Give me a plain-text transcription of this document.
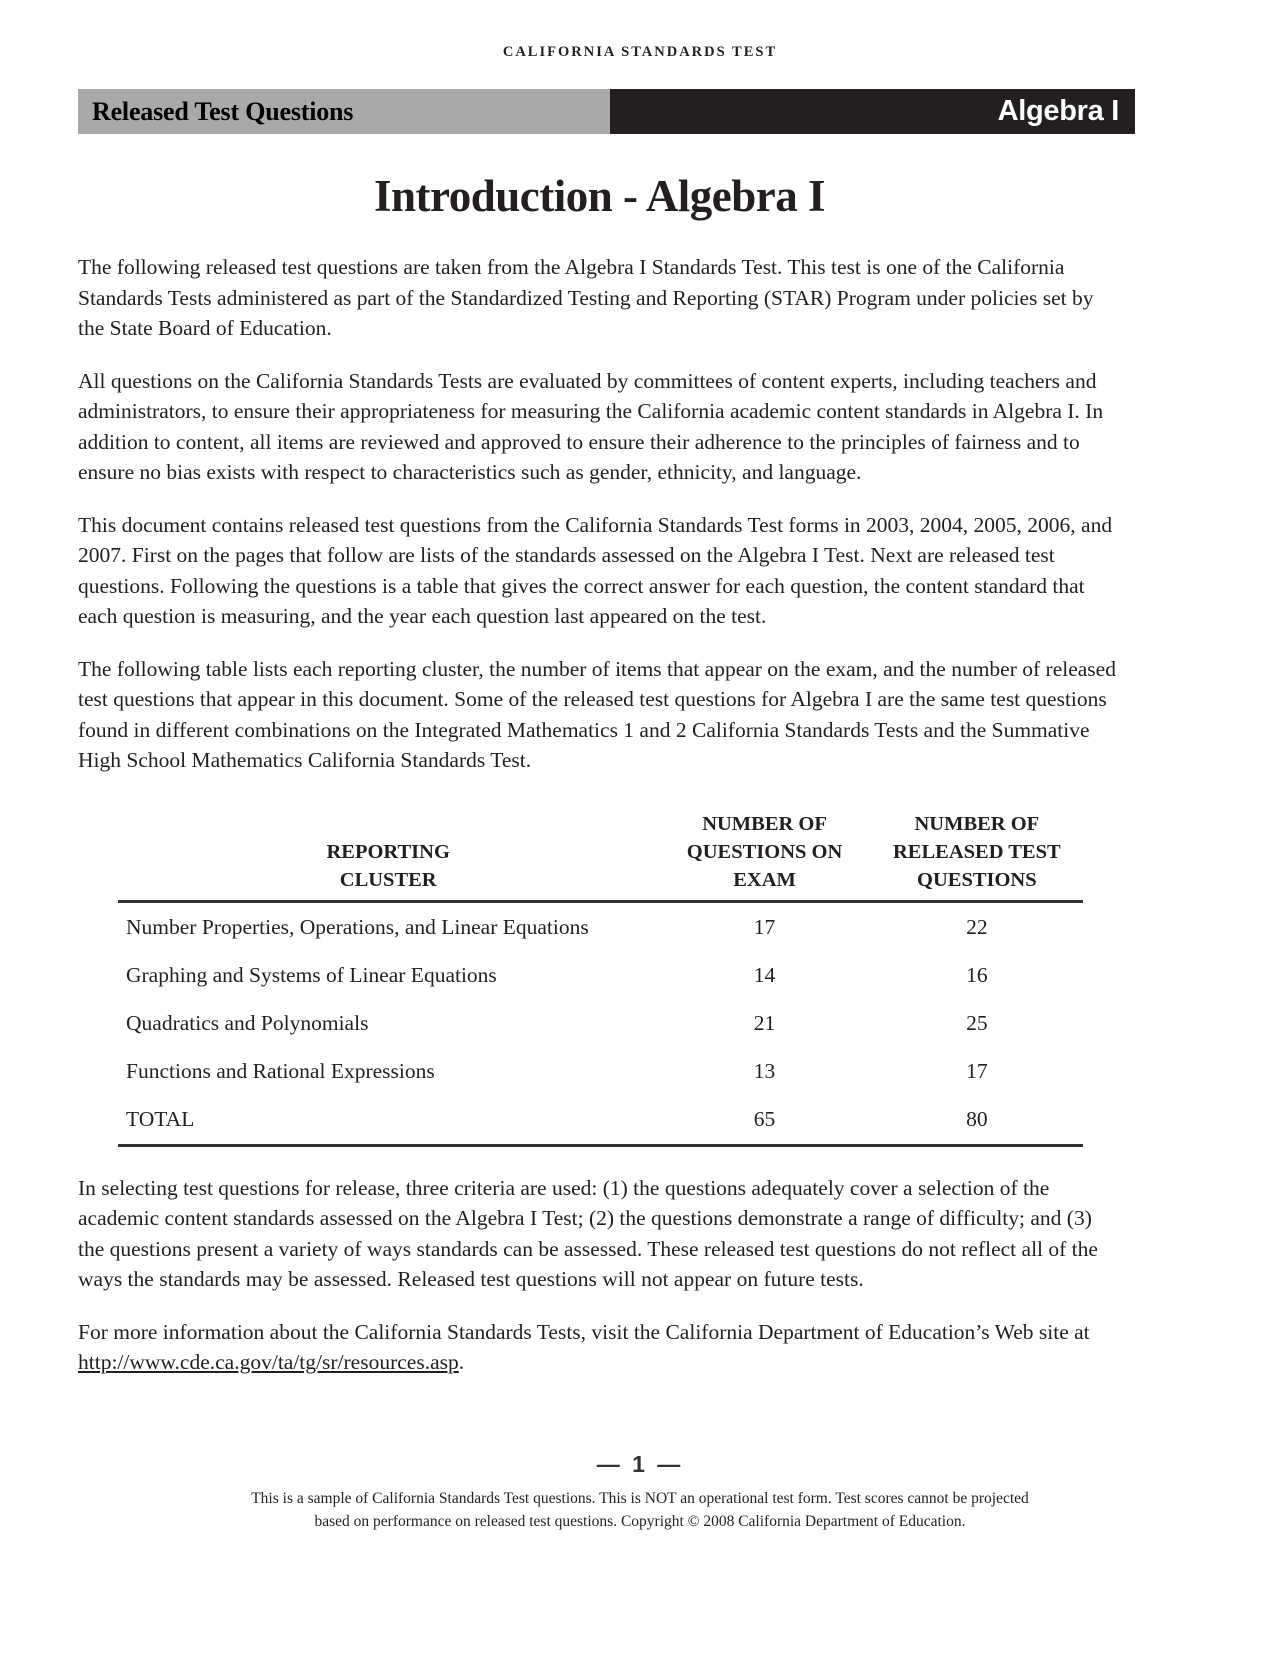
CALIFORNIA STANDARDS TEST
Released Test Questions	Algebra I
Introduction - Algebra I

The following released test questions are taken from the Algebra I Standards Test. This test is one of the California Standards Tests administered as part of the Standardized Testing and Reporting (STAR) Program under policies set by the State Board of Education.

All questions on the California Standards Tests are evaluated by committees of content experts, including teachers and administrators, to ensure their appropriateness for measuring the California academic content standards in Algebra I. In addition to content, all items are reviewed and approved to ensure their adherence to the principles of fairness and to ensure no bias exists with respect to characteristics such as gender, ethnicity, and language.

This document contains released test questions from the California Standards Test forms in 2003, 2004, 2005, 2006, and 2007. First on the pages that follow are lists of the standards assessed on the Algebra I Test. Next are released test questions. Following the questions is a table that gives the correct answer for each question, the content standard that each question is measuring, and the year each question last appeared on the test.

The following table lists each reporting cluster, the number of items that appear on the exam, and the number of released test questions that appear in this document. Some of the released test questions for Algebra I are the same test questions found in different combinations on the Integrated Mathematics 1 and 2 California Standards Tests and the Summative High School Mathematics California Standards Test.

REPORTING
CLUSTER

NUMBER OF
QUESTIONS ON
EXAM

NUMBER OF
RELEASED TEST
QUESTIONS

Number Properties, Operations, and Linear Equations	17	22
Graphing and Systems of Linear Equations	14	16
Quadratics and Polynomials	21	25
Functions and Rational Expressions	13	17
TOTAL	65	80

In selecting test questions for release, three criteria are used: (1) the questions adequately cover a selection of the academic content standards assessed on the Algebra I Test; (2) the questions demonstrate a range of difficulty; and (3) the questions present a variety of ways standards can be assessed. These released test questions do not reflect all of the ways the standards may be assessed. Released test questions will not appear on future tests.

For more information about the California Standards Tests, visit the California Department of Education’s Web site at http://www.cde.ca.gov/ta/tg/sr/resources.asp.

— 1 —
This is a sample of California Standards Test questions. This is NOT an operational test form. Test scores cannot be projected
based on performance on released test questions. Copyright © 2008 California Department of Education.
